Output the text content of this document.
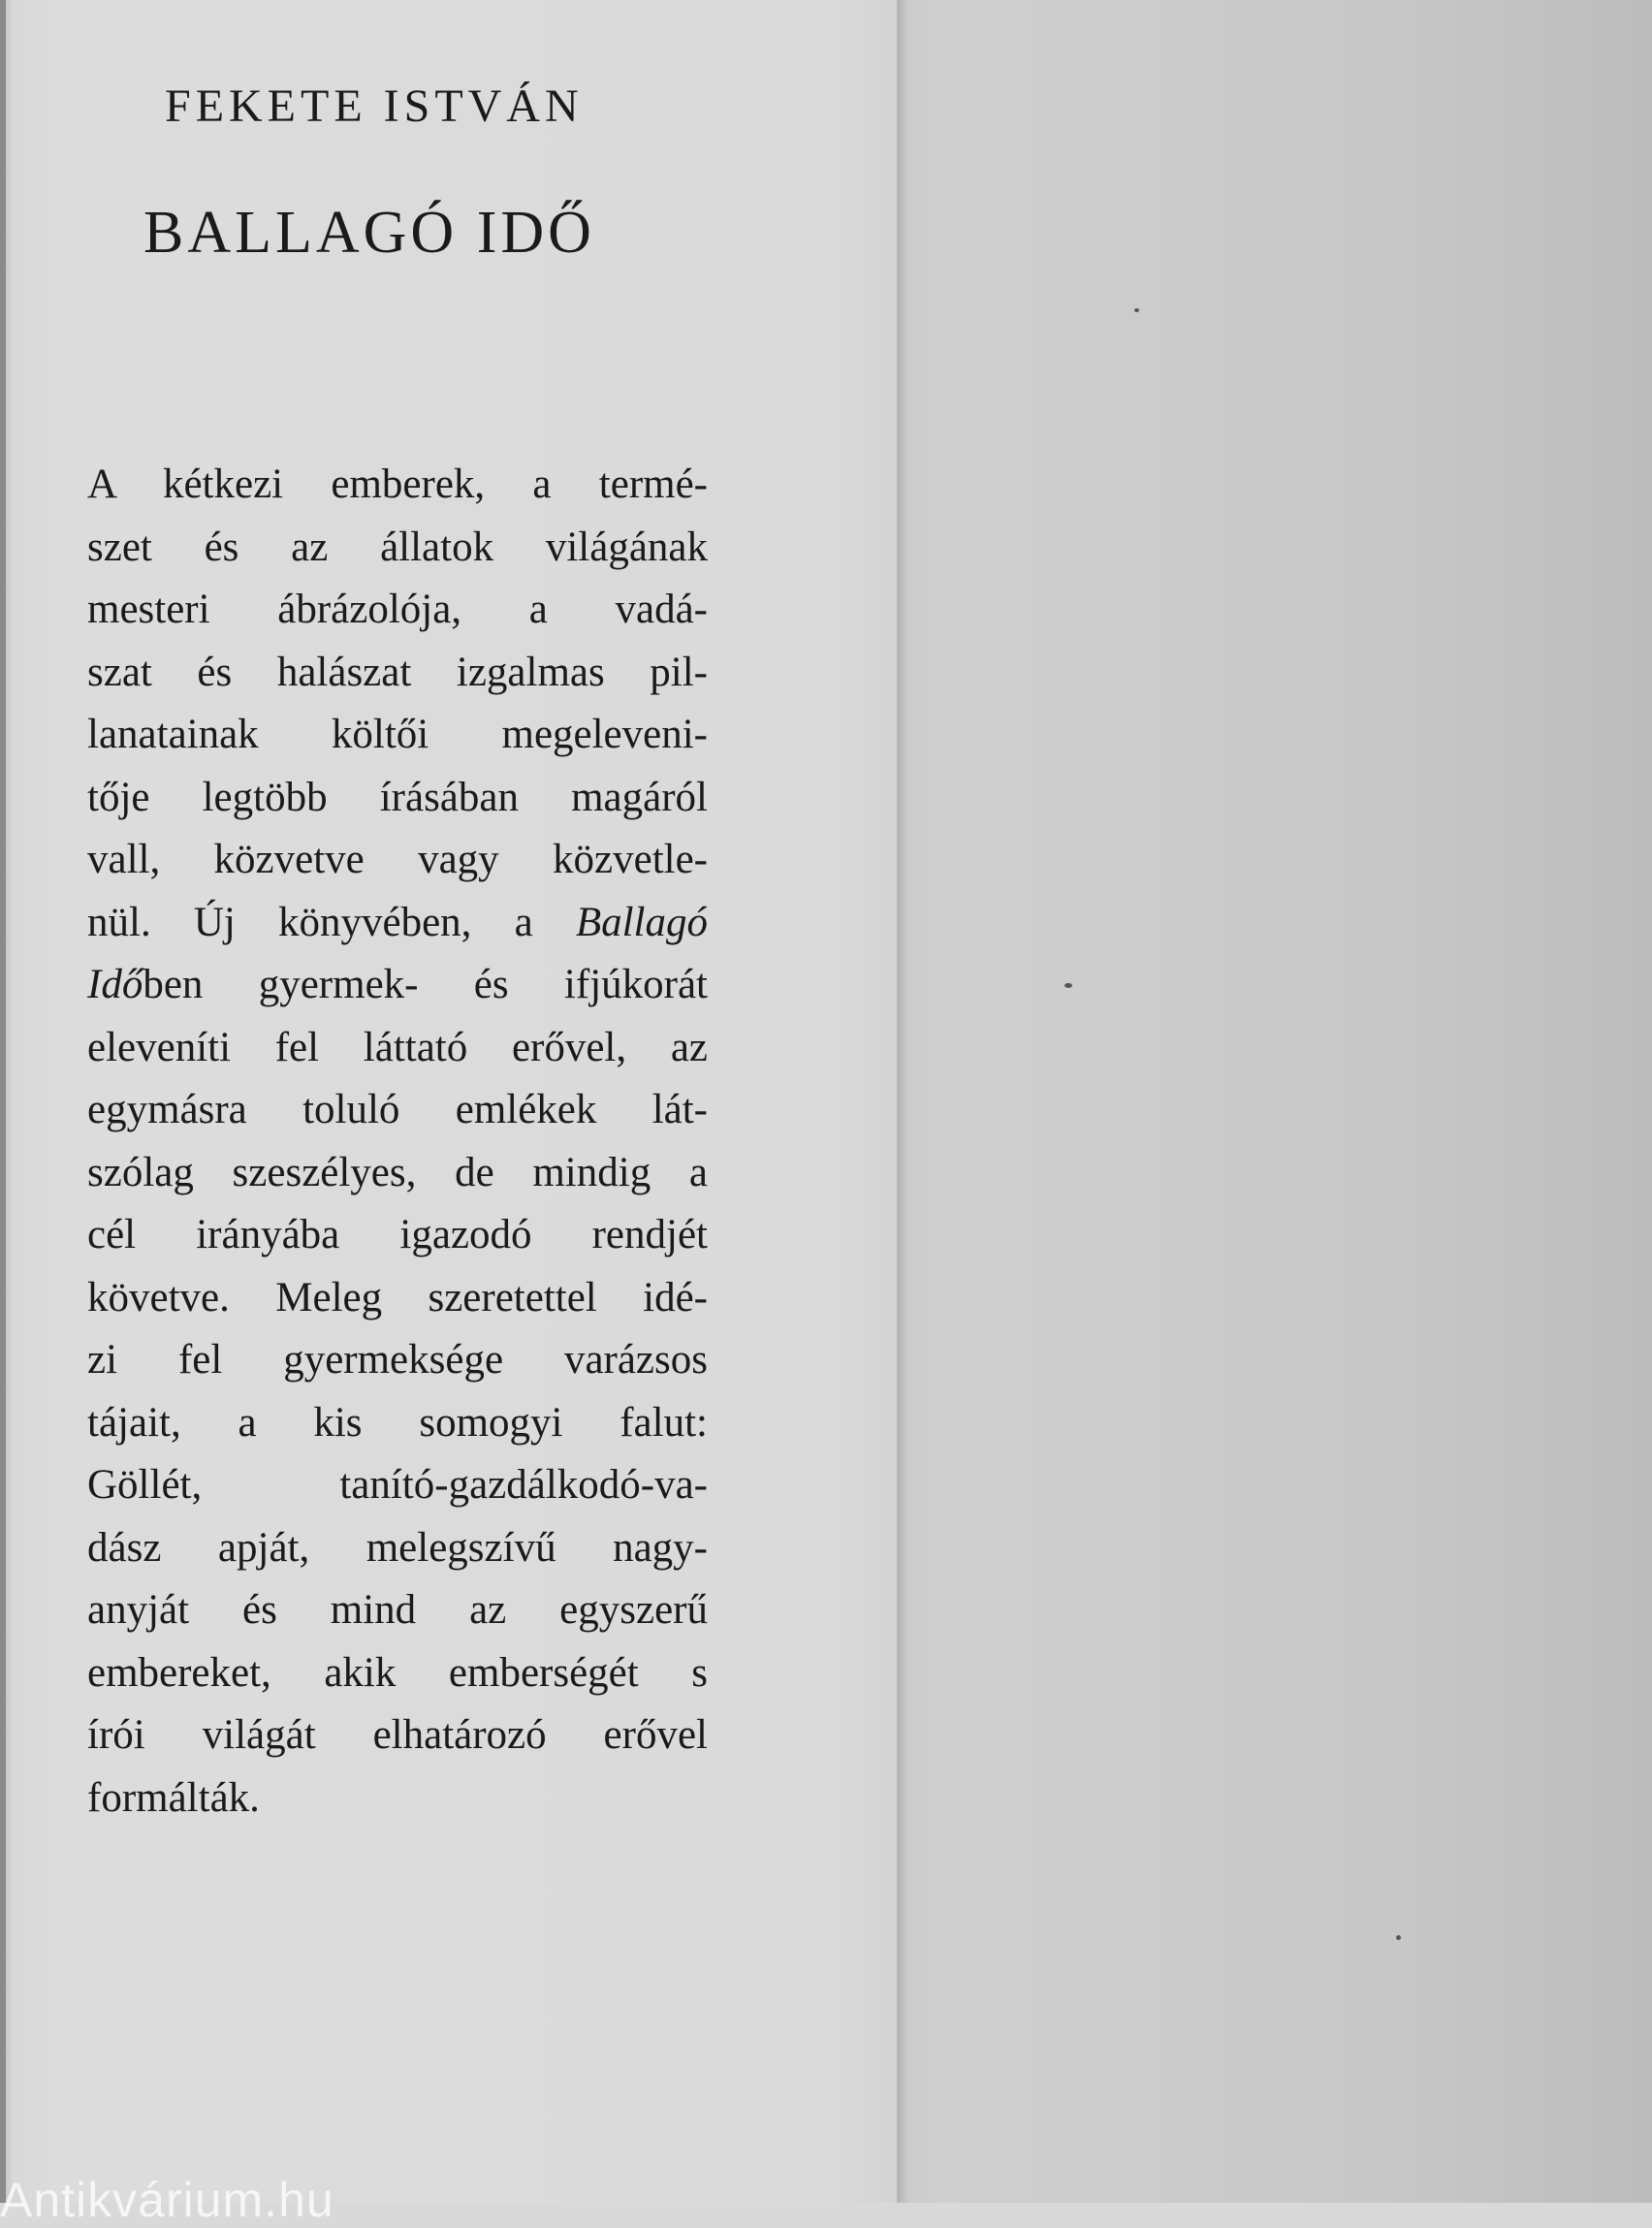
FEKETE ISTVÁN
BALLAGÓ IDŐ
A kétkezi emberek, a termé-
szet és az állatok világának
mesteri ábrázolója, a vadá-
szat és halászat izgalmas pil-
lanatainak költői megeleveni-
tője legtöbb írásában magáról
vall, közvetve vagy közvetle-
nül. Új könyvében, a Ballagó
Időben gyermek- és ifjúkorát
eleveníti fel láttató erővel, az
egymásra toluló emlékek lát-
szólag szeszélyes, de mindig a
cél irányába igazodó rendjét
követve. Meleg szeretettel idé-
zi fel gyermeksége varázsos
tájait, a kis somogyi falut:
Göllét, tanító-gazdálkodó-va-
dász apját, melegszívű nagy-
anyját és mind az egyszerű
embereket, akik emberségét s
írói világát elhatározó erővel
formálták.
Antikvárium.hu
